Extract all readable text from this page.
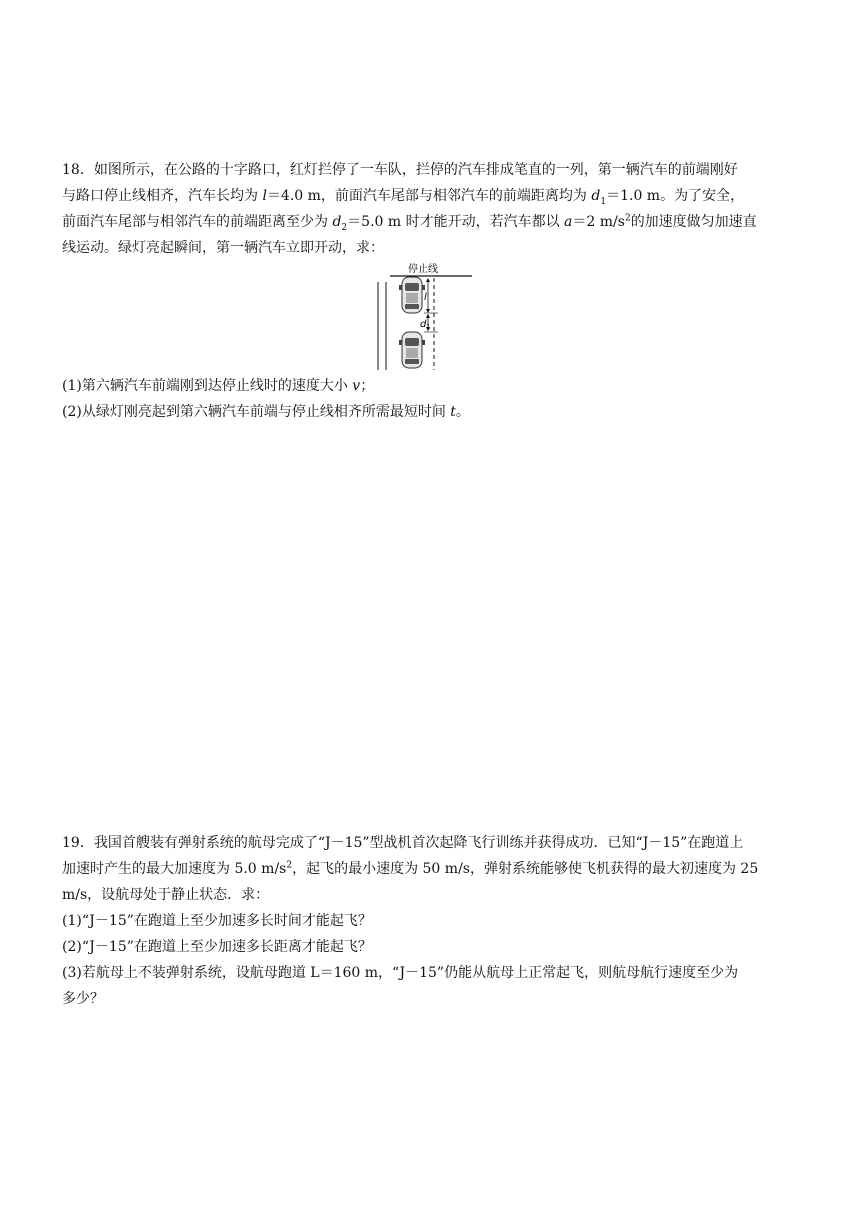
18．如图所示，在公路的十字路口，红灯拦停了一车队，拦停的汽车排成笔直的一列，第一辆汽车的前端刚好
与路口停止线相齐，汽车长均为 l＝4.0 m，前面汽车尾部与相邻汽车的前端距离均为 $d_1=1.0$ m。为了安全，
前面汽车尾部与相邻汽车的前端距离至少为 $d_2=5.0$ m 时才能开动，若汽车都以 a＝2 $m/s^2$的加速度做匀加速直
线运动。绿灯亮起瞬间，第一辆汽车立即开动，求：
停止线
l
d 1
(1)第六辆汽车前端刚到达停止线时的速度大小 v；
(2)从绿灯刚亮起到第六辆汽车前端与停止线相齐所需最短时间 t。
19．我国首艘装有弹射系统的航母完成了“J－15”型战机首次起降飞行训练并获得成功．已知“J－15”在跑道上
加速时产生的最大加速度为 5.0 $m/s^2$，起飞的最小速度为 50 m/s，弹射系统能够使飞机获得的最大初速度为 25
m/s，设航母处于静止状态．求：
(1)“J－15”在跑道上至少加速多长时间才能起飞？
(2)“J－15”在跑道上至少加速多长距离才能起飞？
(3)若航母上不装弹射系统，设航母跑道 L＝160 m，“J－15”仍能从航母上正常起飞，则航母航行速度至少为
多少？
